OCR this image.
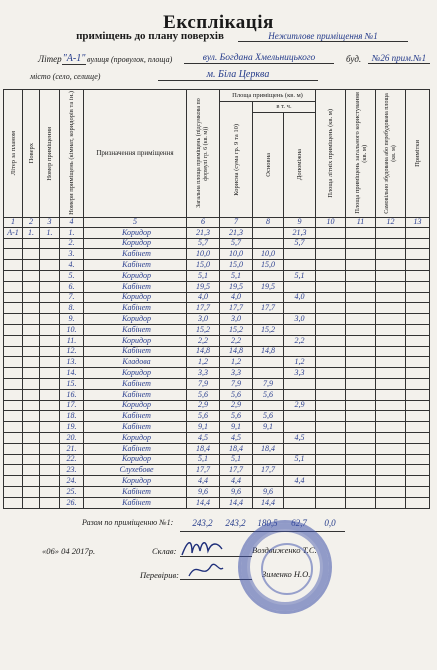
Експлікація
приміщень до плану поверхів	Нежитлове приміщення №1
Літер "А-1" вулиця (провулок, площа)	вул. Богдана Хмельницького	буд.	№26 прим.№1
місто (село, селище)	м. Біла Церква
Літер за планом	Поверх	Номер приміщення	Номери приміщень (кімнат, коридорів та ін.)	Призначення приміщення	Загальна площа приміщень (підсумкова по формулі гр. 6 (кв. м))	Площа приміщень (кв. м)			Площа літніх приміщень (кв. м)	Площа приміщень загального користування (кв. м)	Самовільно збудована або перебудована площа (кв. м)	Примітки

						Корисна (сума гр. 9 та 10)	в т. ч.					

							Основна	Допоміжна				

1	2	3	4	5	6	7	8	9	10	11	12	13
А-1	1.	1.	1.	Коридор	21,3	21,3		21,3				
			2.	Коридор	5,7	5,7		5,7				
			3.	Кабінет	10,0	10,0	10,0					
			4.	Кабінет	15,0	15,0	15,0					
			5.	Коридор	5,1	5,1		5,1				
			6.	Кабінет	19,5	19,5	19,5					
			7.	Коридор	4,0	4,0		4,0				
			8.	Кабінет	17,7	17,7	17,7					
			9.	Коридор	3,0	3,0		3,0				
			10.	Кабінет	15,2	15,2	15,2					
			11.	Коридор	2,2	2,2		2,2				
			12.	Кабінет	14,8	14,8	14,8					
			13.	Кладова	1,2	1,2		1,2				
			14.	Коридор	3,3	3,3		3,3				
			15.	Кабінет	7,9	7,9	7,9					
			16.	Кабінет	5,6	5,6	5,6					
			17.	Коридор	2,9	2,9		2,9				
			18.	Кабінет	5,6	5,6	5,6					
			19.	Кабінет	9,1	9,1	9,1					
			20.	Коридор	4,5	4,5		4,5				
			21.	Кабінет	18,4	18,4	18,4					
			22.	Коридор	5,1	5,1		5,1				
			23.	Слухебове	17,7	17,7	17,7					
			24.	Коридор	4,4	4,4		4,4				
			25.	Кабінет	9,6	9,6	9,6					
			26.	Кабінет	14,4	14,4	14,4					
Разом по приміщенню №1:	243,2	243,2	180,5	62,7	0,0
«06» 04 2017р.	Склав:	Воздвиженко Т.С.
Перевірив:	Зименко Н.О.
